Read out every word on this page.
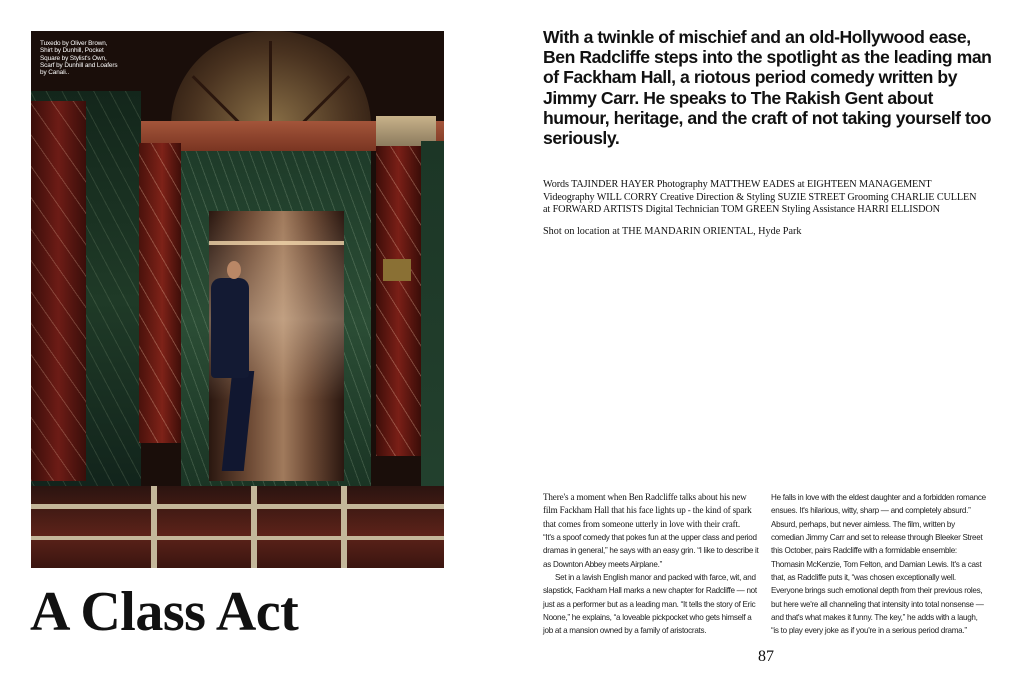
Tuxedo by Oliver Brown, Shirt by Dunhill, Pocket Square by Stylist's Own, Scarf by Dunhill and Loafers by Canali..
A Class Act

With a twinkle of mischief and an old-Hollywood ease, Ben Radcliffe steps into the spotlight as the leading man of Fackham Hall, a riotous period comedy written by Jimmy Carr. He speaks to The Rakish Gent about humour, heritage, and the craft of not taking yourself too seriously.

Words TAJINDER HAYER Photography MATTHEW EADES at EIGHTEEN MANAGEMENT Videography WILL CORRY Creative Direction & Styling SUZIE STREET Grooming CHARLIE CULLEN at FORWARD ARTISTS Digital Technician TOM GREEN Styling Assistance HARRI ELLISDON

Shot on location at THE MANDARIN ORIENTAL, Hyde Park

There's a moment when Ben Radcliffe talks about his new film Fackham Hall that his face lights up - the kind of spark that comes from someone utterly in love with their craft.

“It's a spoof comedy that pokes fun at the upper class and period dramas in general,” he says with an easy grin. “I like to describe it as Downton Abbey meets Airplane.”

Set in a lavish English manor and packed with farce, wit, and slapstick, Fackham Hall marks a new chapter for Radcliffe — not just as a performer but as a leading man. “It tells the story of Eric Noone,” he explains, “a loveable pickpocket who gets himself a job at a mansion owned by a family of aristocrats.

He falls in love with the eldest daughter and a forbidden romance ensues. It's hilarious, witty, sharp — and completely absurd.” Absurd, perhaps, but never aimless. The film, written by comedian Jimmy Carr and set to release through Bleeker Street this October, pairs Radcliffe with a formidable ensemble: Thomasin McKenzie, Tom Felton, and Damian Lewis. It's a cast that, as Radcliffe puts it, “was chosen exceptionally well. Everyone brings such emotional depth from their previous roles, but here we're all channeling that intensity into total nonsense — and that's what makes it funny. The key,” he adds with a laugh, “is to play every joke as if you're in a serious period drama.”

87
